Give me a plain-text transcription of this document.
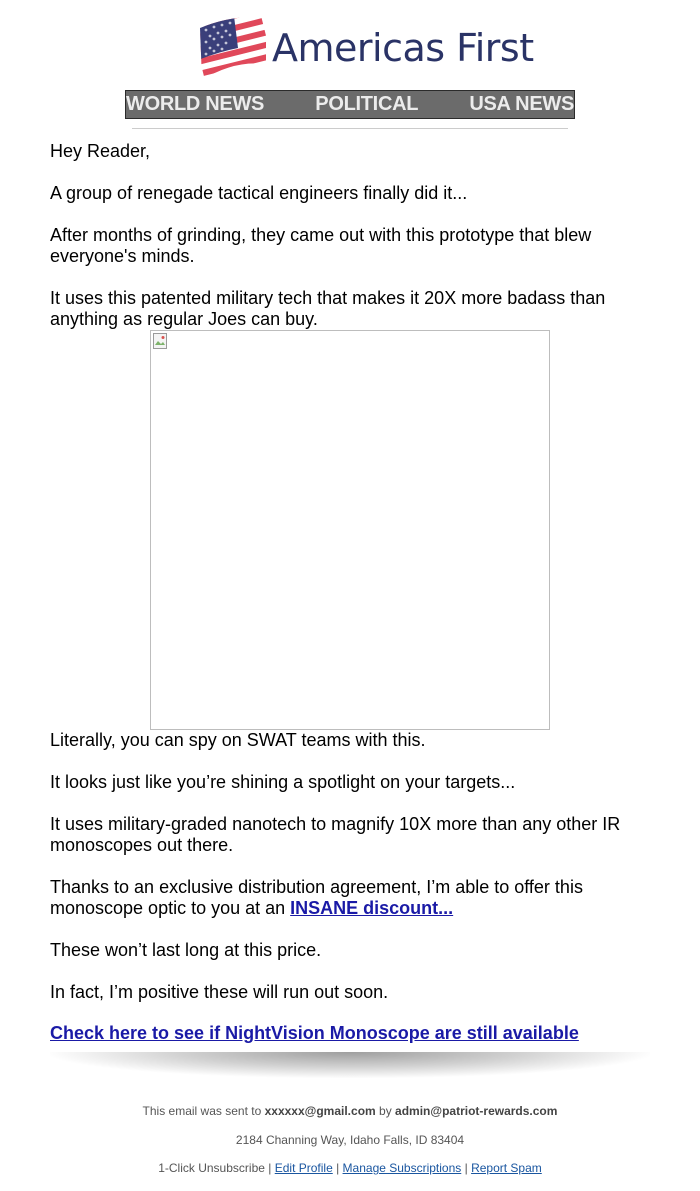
Americas First
WORLD NEWS	POLITICAL	USA NEWS

Hey Reader,

A group of renegade tactical engineers finally did it...

After months of grinding, they came out with this prototype that blew everyone's minds.

It uses this patented military tech that makes it 20X more badass than anything as regular Joes can buy.

Literally, you can spy on SWAT teams with this.

It looks just like you’re shining a spotlight on your targets...

It uses military-graded nanotech to magnify 10X more than any other IR monoscopes out there.

Thanks to an exclusive distribution agreement, I’m able to offer this monoscope optic to you at an INSANE discount...

These won’t last long at this price.

In fact, I’m positive these will run out soon.

Check here to see if NightVision Monoscope are still available
This email was sent to xxxxxx@gmail.com by admin@patriot-rewards.com
2184 Channing Way, Idaho Falls, ID 83404
1-Click Unsubscribe | Edit Profile | Manage Subscriptions | Report Spam
